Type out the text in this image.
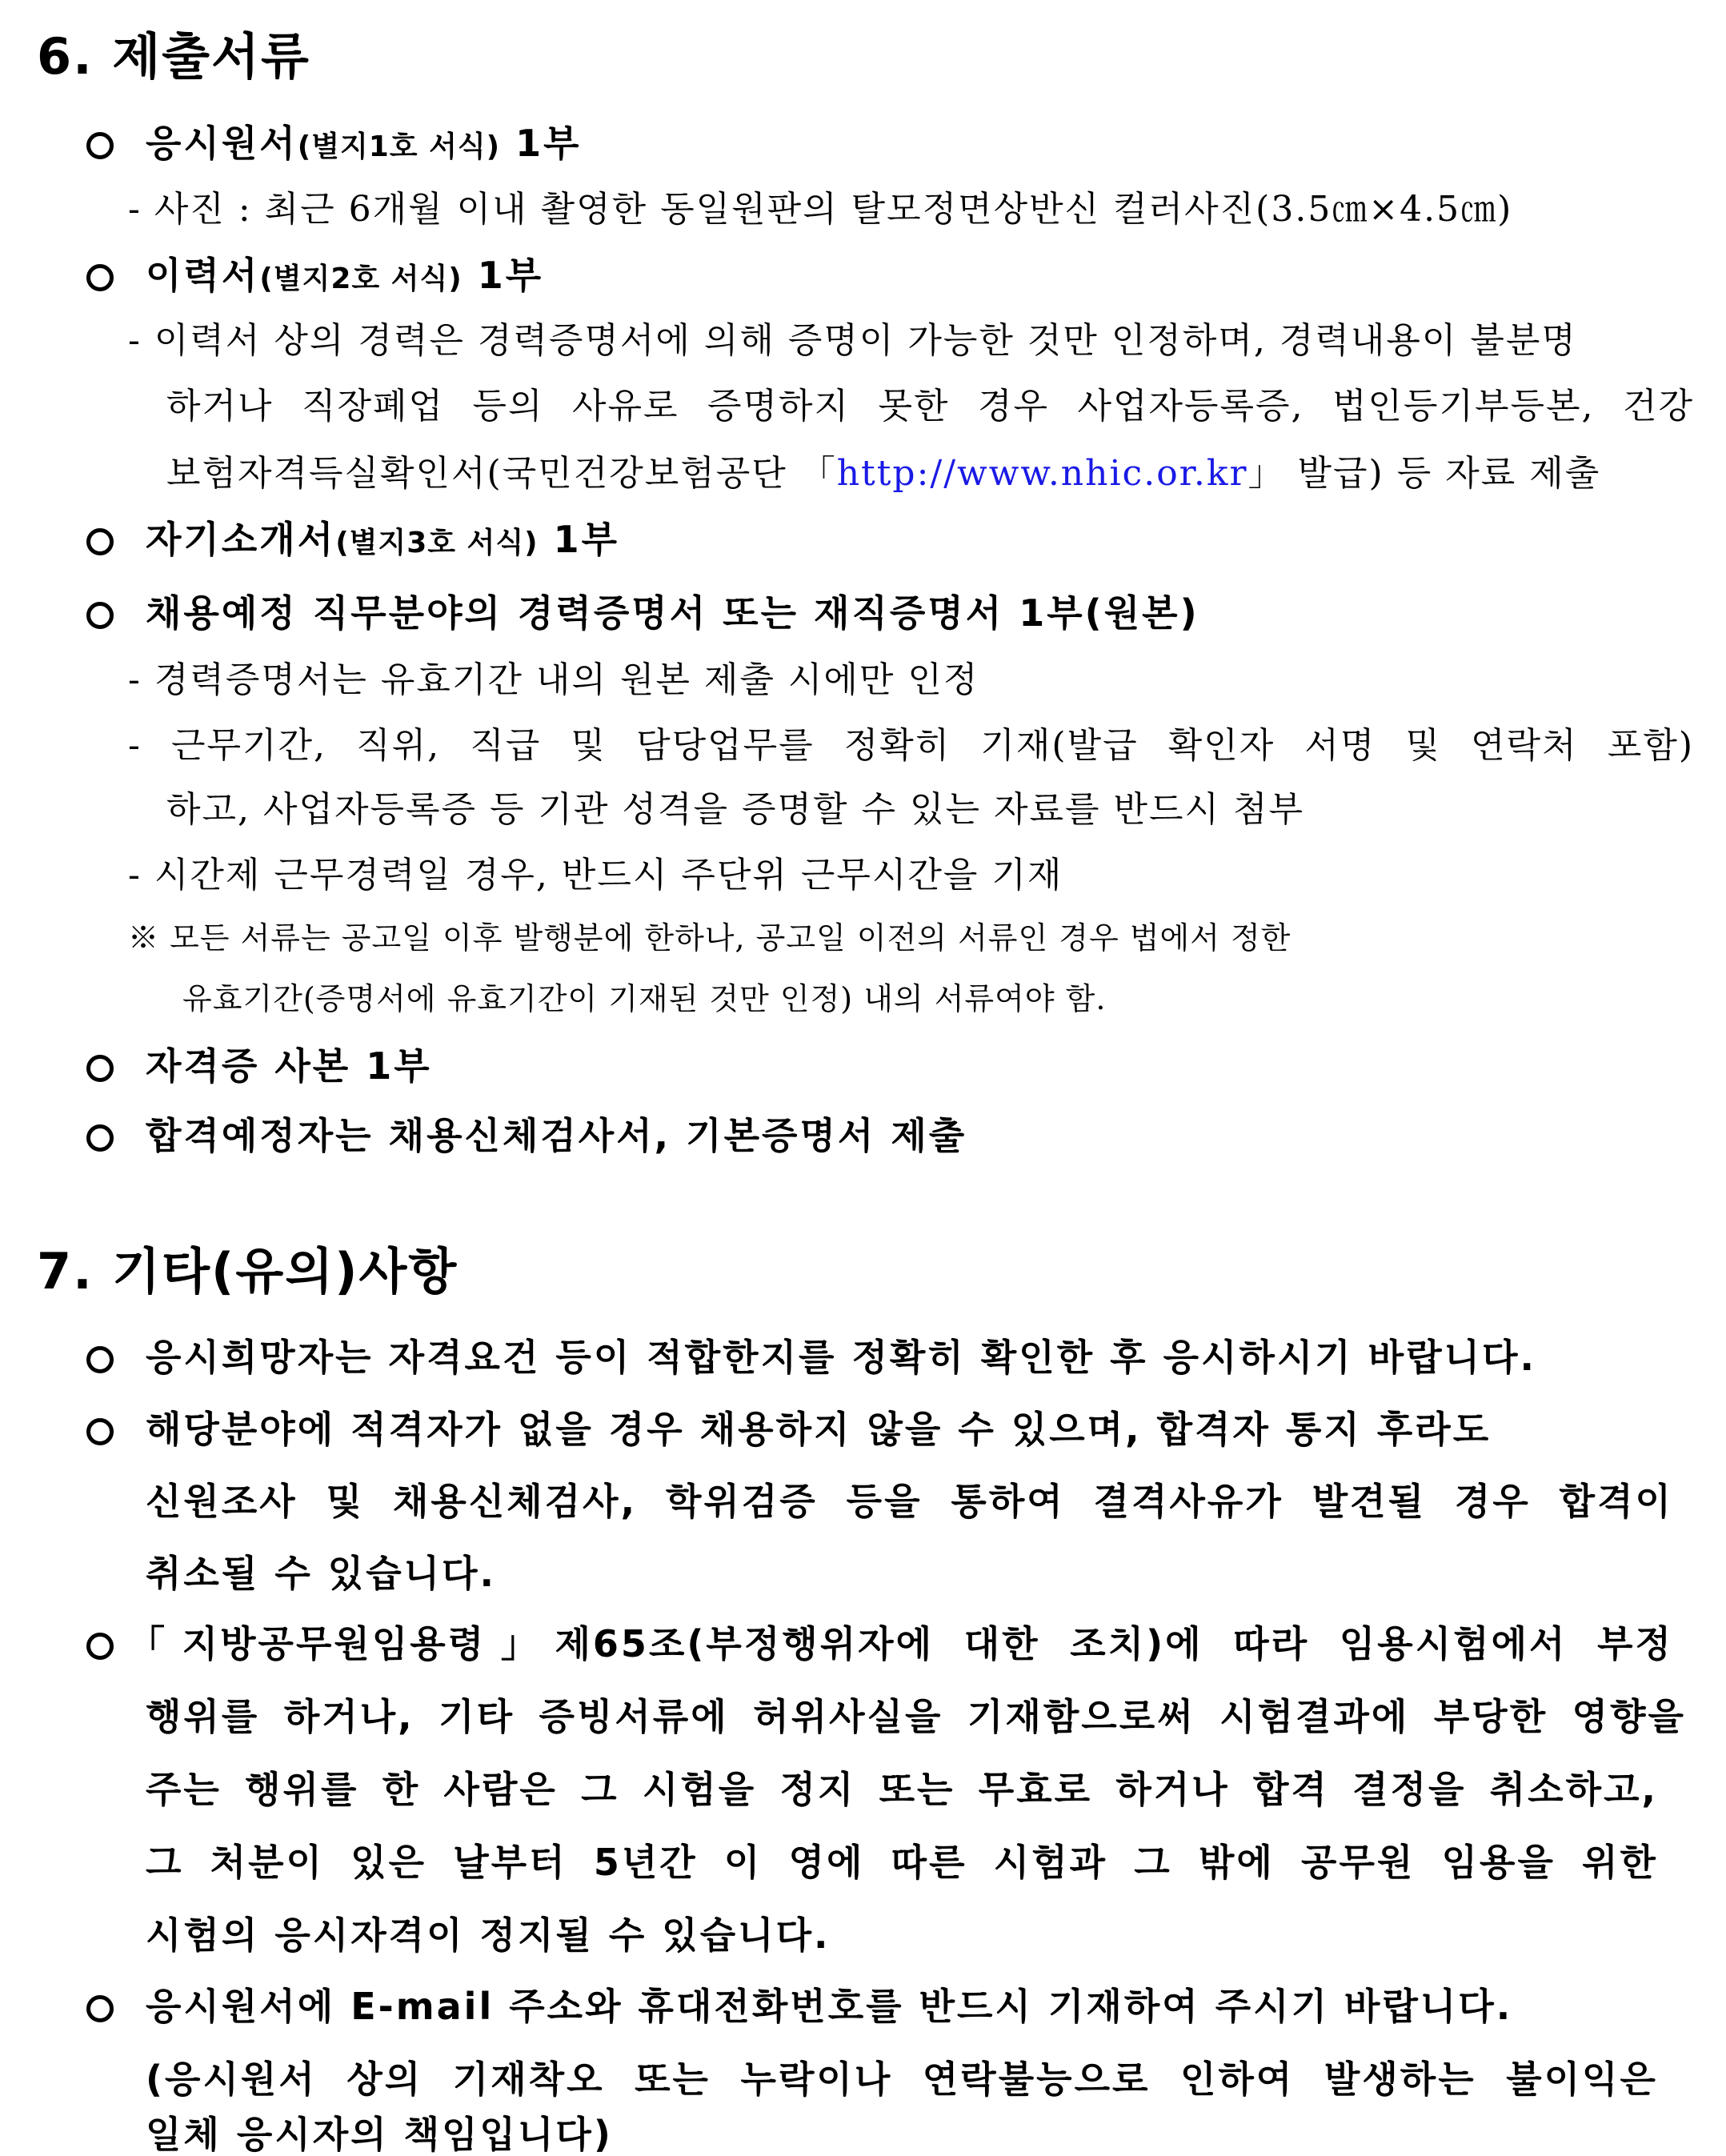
6. 제출서류
응시원서(별지1호 서식) 1부
- 사진 : 최근 6개월 이내 촬영한 동일원판의 탈모정면상반신 컬러사진(3.5㎝×4.5㎝)
이력서(별지2호 서식) 1부
- 이력서 상의 경력은 경력증명서에 의해 증명이 가능한 것만 인정하며, 경력내용이 불분명
하거나 직장폐업 등의 사유로 증명하지 못한 경우 사업자등록증, 법인등기부등본, 건강
보험자격득실확인서(국민건강보험공단 「http://www.nhic.or.kr」 발급) 등 자료 제출
자기소개서(별지3호 서식) 1부
채용예정 직무분야의 경력증명서 또는 재직증명서 1부(원본)
- 경력증명서는 유효기간 내의 원본 제출 시에만 인정
- 근무기간, 직위, 직급 및 담당업무를 정확히 기재(발급 확인자 서명 및 연락처 포함)
하고, 사업자등록증 등 기관 성격을 증명할 수 있는 자료를 반드시 첨부
- 시간제 근무경력일 경우, 반드시 주단위 근무시간을 기재
※ 모든 서류는 공고일 이후 발행분에 한하나, 공고일 이전의 서류인 경우 법에서 정한
유효기간(증명서에 유효기간이 기재된 것만 인정) 내의 서류여야 함.
자격증 사본 1부
합격예정자는 채용신체검사서, 기본증명서 제출
7. 기타(유의)사항
응시희망자는 자격요건 등이 적합한지를 정확히 확인한 후 응시하시기 바랍니다.
해당분야에 적격자가 없을 경우 채용하지 않을 수 있으며, 합격자 통지 후라도
신원조사 및 채용신체검사, 학위검증 등을 통하여 결격사유가 발견될 경우 합격이
취소될 수 있습니다.
「지방공무원임용령」제65조(부정행위자에 대한 조치)에 따라 임용시험에서 부정
행위를 하거나, 기타 증빙서류에 허위사실을 기재함으로써 시험결과에 부당한 영향을
주는 행위를 한 사람은 그 시험을 정지 또는 무효로 하거나 합격 결정을 취소하고,
그 처분이 있은 날부터 5년간 이 영에 따른 시험과 그 밖에 공무원 임용을 위한
시험의 응시자격이 정지될 수 있습니다.
응시원서에 E-mail 주소와 휴대전화번호를 반드시 기재하여 주시기 바랍니다.
(응시원서 상의 기재착오 또는 누락이나 연락불능으로 인하여 발생하는 불이익은
일체 응시자의 책임입니다)
